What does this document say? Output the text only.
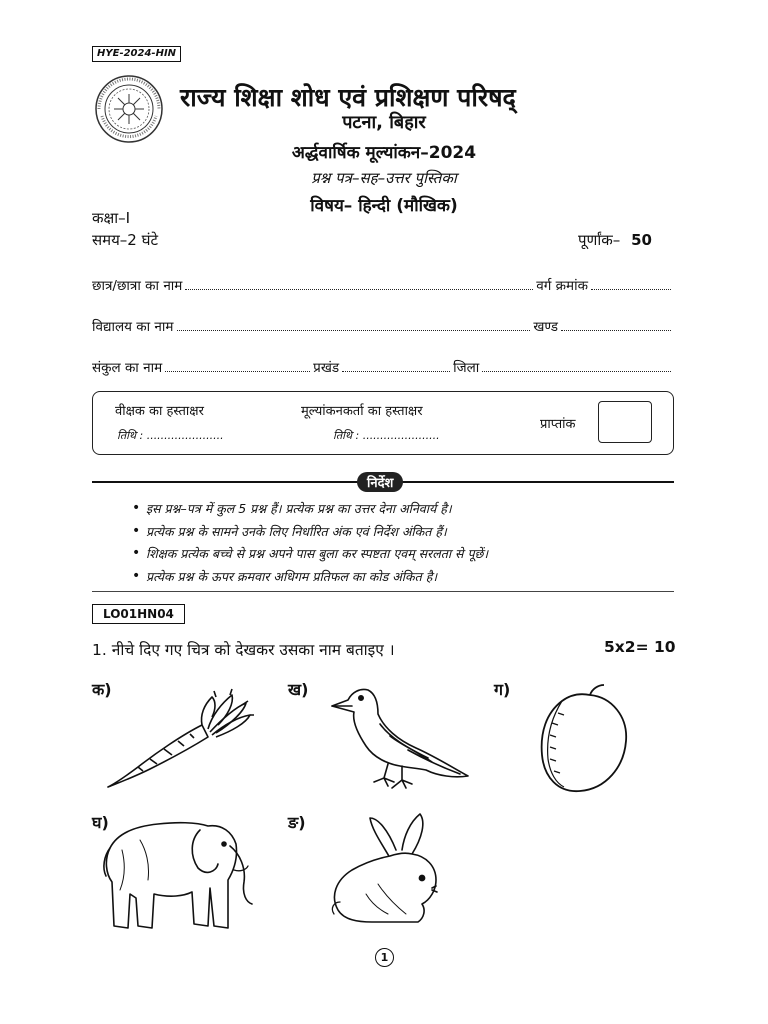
HYE-2024-HIN
राज्य शिक्षा शोध एवं प्रशिक्षण परिषद्
पटना, बिहार
अर्द्धवार्षिक मूल्यांकन–2024
प्रश्न पत्र–सह–उत्तर पुस्तिका
विषय– हिन्दी (मौखिक)
कक्षा–I
समय–2 घंटे	पूर्णांक– 50
छात्र/छात्रा का नाम	वर्ग क्रमांक
विद्यालय का नाम	खण्ड
संकुल का नाम	प्रखंड	जिला
वीक्षक का हस्ताक्षर	मूल्यांकनकर्ता का हस्ताक्षर
तिथि : ......................	तिथि : ......................
प्राप्तांक
निर्देश
• इस प्रश्न–पत्र में कुल 5 प्रश्न हैं। प्रत्येक प्रश्न का उत्तर देना अनिवार्य है।
• प्रत्येक प्रश्न के सामने उनके लिए निर्धारित अंक एवं निर्देश अंकित हैं।
• शिक्षक प्रत्येक बच्चे से प्रश्न अपने पास बुला कर स्पष्टता एवम् सरलता से पूछें।
• प्रत्येक प्रश्न के ऊपर क्रमवार अधिगम प्रतिफल का कोड अंकित है।
LO01HN04
1. नीचे दिए गए चित्र को देखकर उसका नाम बताइए ।	5x2= 10
क)	ख)	ग)
घ)	ङ)
1
